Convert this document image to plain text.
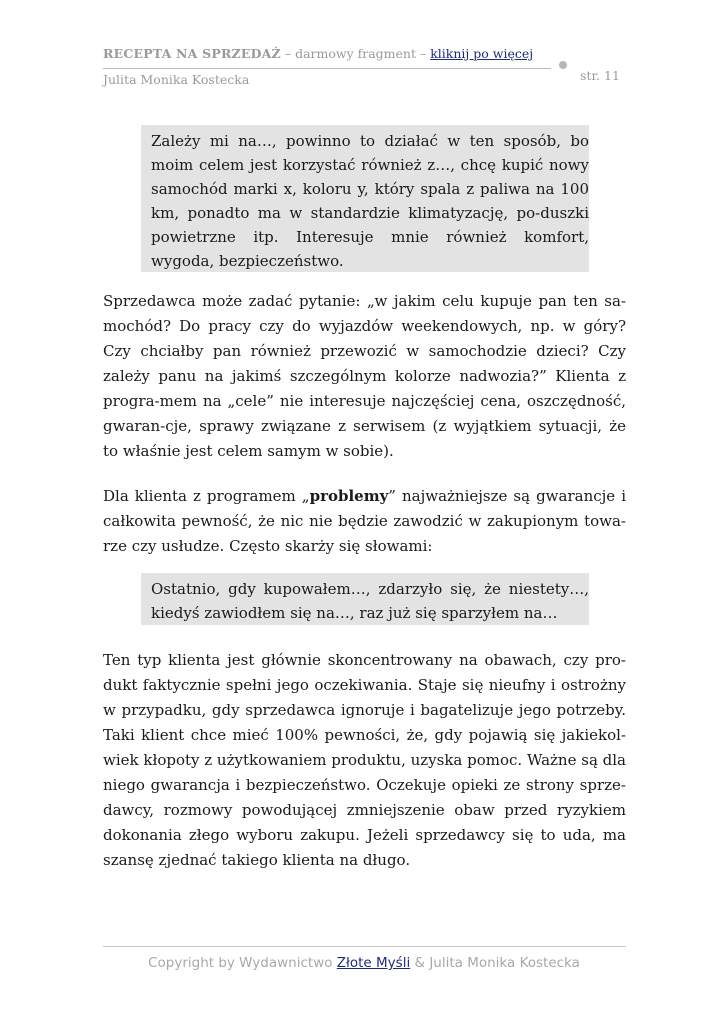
RECEPTA NA SPRZEDAŻ – darmowy fragment – kliknij po więcej
Julita Monika Kostecka	str. 11

Zależy mi na…, powinno to działać w ten sposób, bo moim celem jest korzystać również z…, chcę kupić nowy samochód marki x, koloru y, który spala z paliwa na 100 km, ponadto ma w standardzie klimatyzację, po-duszki powietrzne itp. Interesuje mnie również komfort, wygoda, bezpieczeństwo.

Sprzedawca może zadać pytanie: „w jakim celu kupuje pan ten sa-mochód? Do pracy czy do wyjazdów weekendowych, np. w góry? Czy chciałby pan również przewozić w samochodzie dzieci? Czy zależy panu na jakimś szczególnym kolorze nadwozia?” Klienta z progra-mem na „cele” nie interesuje najczęściej cena, oszczędność, gwaran-cje, sprawy związane z serwisem (z wyjątkiem sytuacji, że to właśnie jest celem samym w sobie).

Dla klienta z programem „problemy” najważniejsze są gwarancje i całkowita pewność, że nic nie będzie zawodzić w zakupionym towa-rze czy usłudze. Często skarży się słowami:

Ostatnio, gdy kupowałem…, zdarzyło się, że niestety…, kiedyś zawiodłem się na…, raz już się sparzyłem na…

Ten typ klienta jest głównie skoncentrowany na obawach, czy pro-dukt faktycznie spełni jego oczekiwania. Staje się nieufny i ostrożny w przypadku, gdy sprzedawca ignoruje i bagatelizuje jego potrzeby. Taki klient chce mieć 100% pewności, że, gdy pojawią się jakiekol-wiek kłopoty z użytkowaniem produktu, uzyska pomoc. Ważne są dla niego gwarancja i bezpieczeństwo. Oczekuje opieki ze strony sprze-dawcy, rozmowy powodującej zmniejszenie obaw przed ryzykiem dokonania złego wyboru zakupu. Jeżeli sprzedawcy się to uda, ma szansę zjednać takiego klienta na długo.

Copyright by Wydawnictwo Złote Myśli & Julita Monika Kostecka
